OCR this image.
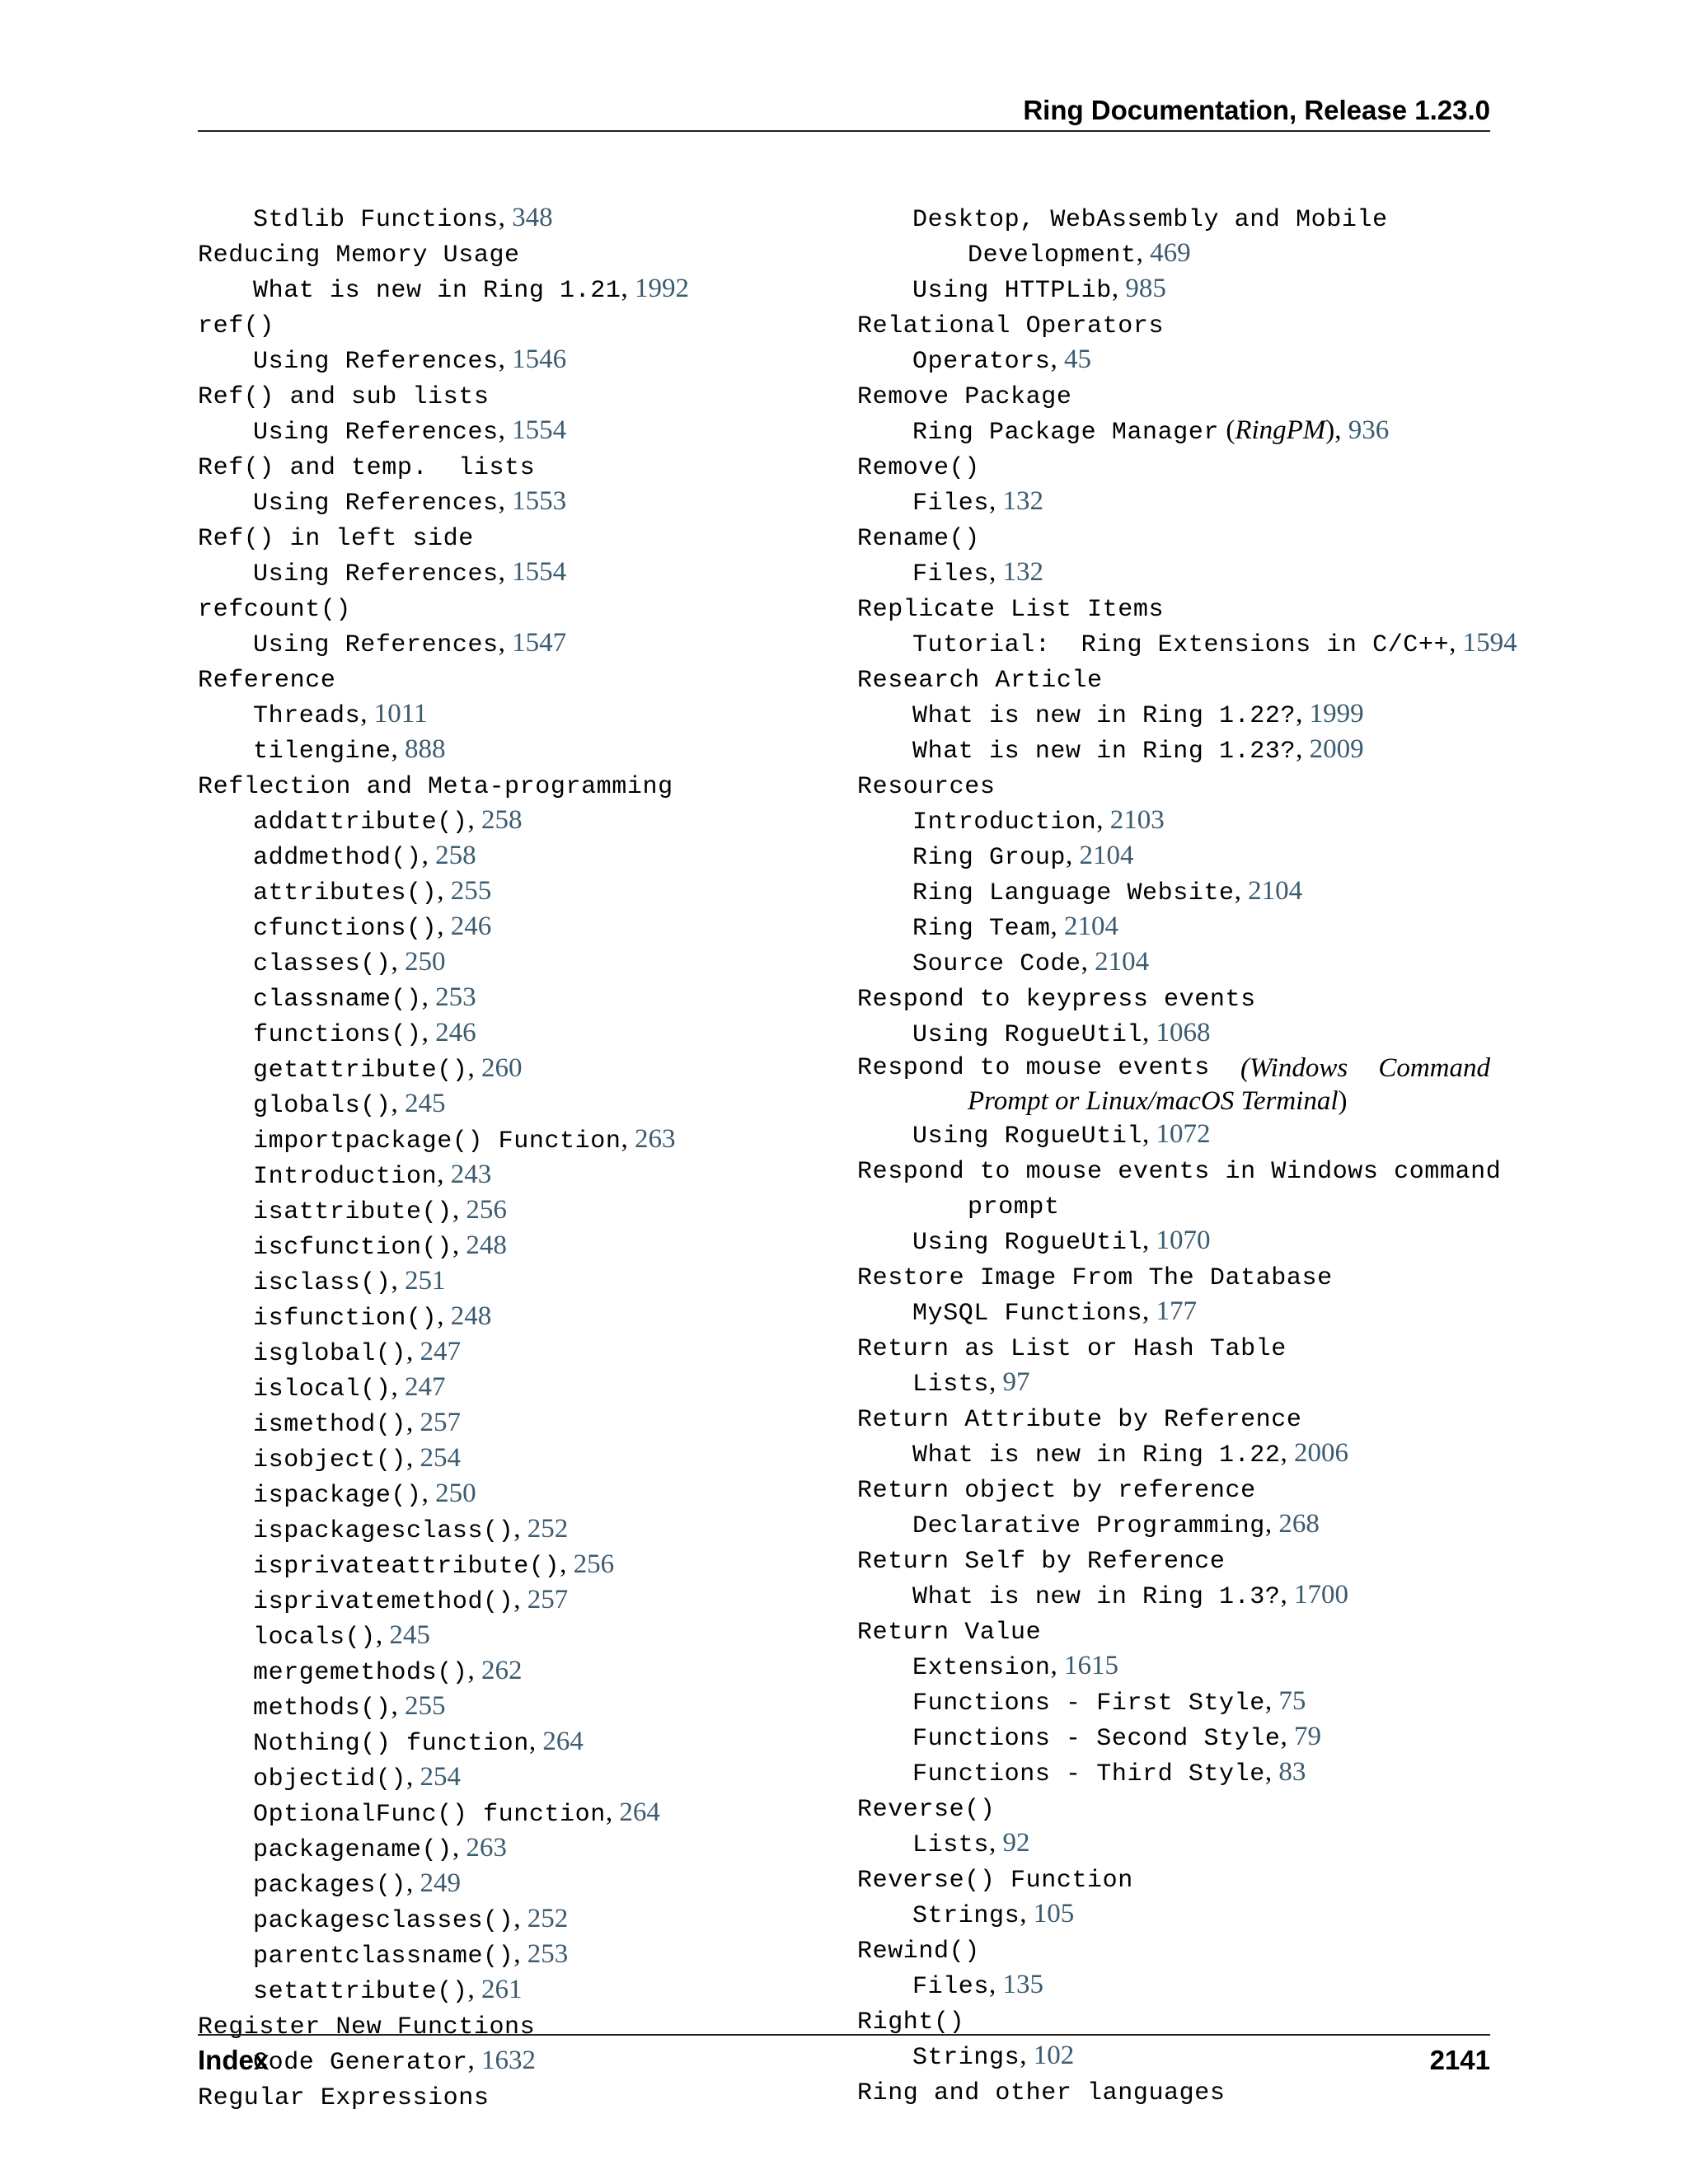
Ring Documentation, Release 1.23.0
Stdlib Functions, 348
Reducing Memory Usage
What is new in Ring 1.21, 1992
ref()
Using References, 1546
Ref() and sub lists
Using References, 1554
Ref() and temp.  lists
Using References, 1553
Ref() in left side
Using References, 1554
refcount()
Using References, 1547
Reference
Threads, 1011
tilengine, 888
Reflection and Meta-programming
addattribute(), 258
addmethod(), 258
attributes(), 255
cfunctions(), 246
classes(), 250
classname(), 253
functions(), 246
getattribute(), 260
globals(), 245
importpackage() Function, 263
Introduction, 243
isattribute(), 256
iscfunction(), 248
isclass(), 251
isfunction(), 248
isglobal(), 247
islocal(), 247
ismethod(), 257
isobject(), 254
ispackage(), 250
ispackagesclass(), 252
isprivateattribute(), 256
isprivatemethod(), 257
locals(), 245
mergemethods(), 262
methods(), 255
Nothing() function, 264
objectid(), 254
OptionalFunc() function, 264
packagename(), 263
packages(), 249
packagesclasses(), 252
parentclassname(), 253
setattribute(), 261
Register New Functions
Code Generator, 1632
Regular Expressions
Desktop, WebAssembly and Mobile
Development, 469
Using HTTPLib, 985
Relational Operators
Operators, 45
Remove Package
Ring Package Manager (RingPM), 936
Remove()
Files, 132
Rename()
Files, 132
Replicate List Items
Tutorial:  Ring Extensions in C/C++, 1594
Research Article
What is new in Ring 1.22?, 1999
What is new in Ring 1.23?, 2009
Resources
Introduction, 2103
Ring Group, 2104
Ring Language Website, 2104
Ring Team, 2104
Source Code, 2104
Respond to keypress events
Using RogueUtil, 1068
Respond to mouse events (Windows Command
Prompt or Linux/macOS Terminal)
Using RogueUtil, 1072
Respond to mouse events in Windows command
prompt
Using RogueUtil, 1070
Restore Image From The Database
MySQL Functions, 177
Return as List or Hash Table
Lists, 97
Return Attribute by Reference
What is new in Ring 1.22, 2006
Return object by reference
Declarative Programming, 268
Return Self by Reference
What is new in Ring 1.3?, 1700
Return Value
Extension, 1615
Functions - First Style, 75
Functions - Second Style, 79
Functions - Third Style, 83
Reverse()
Lists, 92
Reverse() Function
Strings, 105
Rewind()
Files, 135
Right()
Strings, 102
Ring and other languages

Index	2141
